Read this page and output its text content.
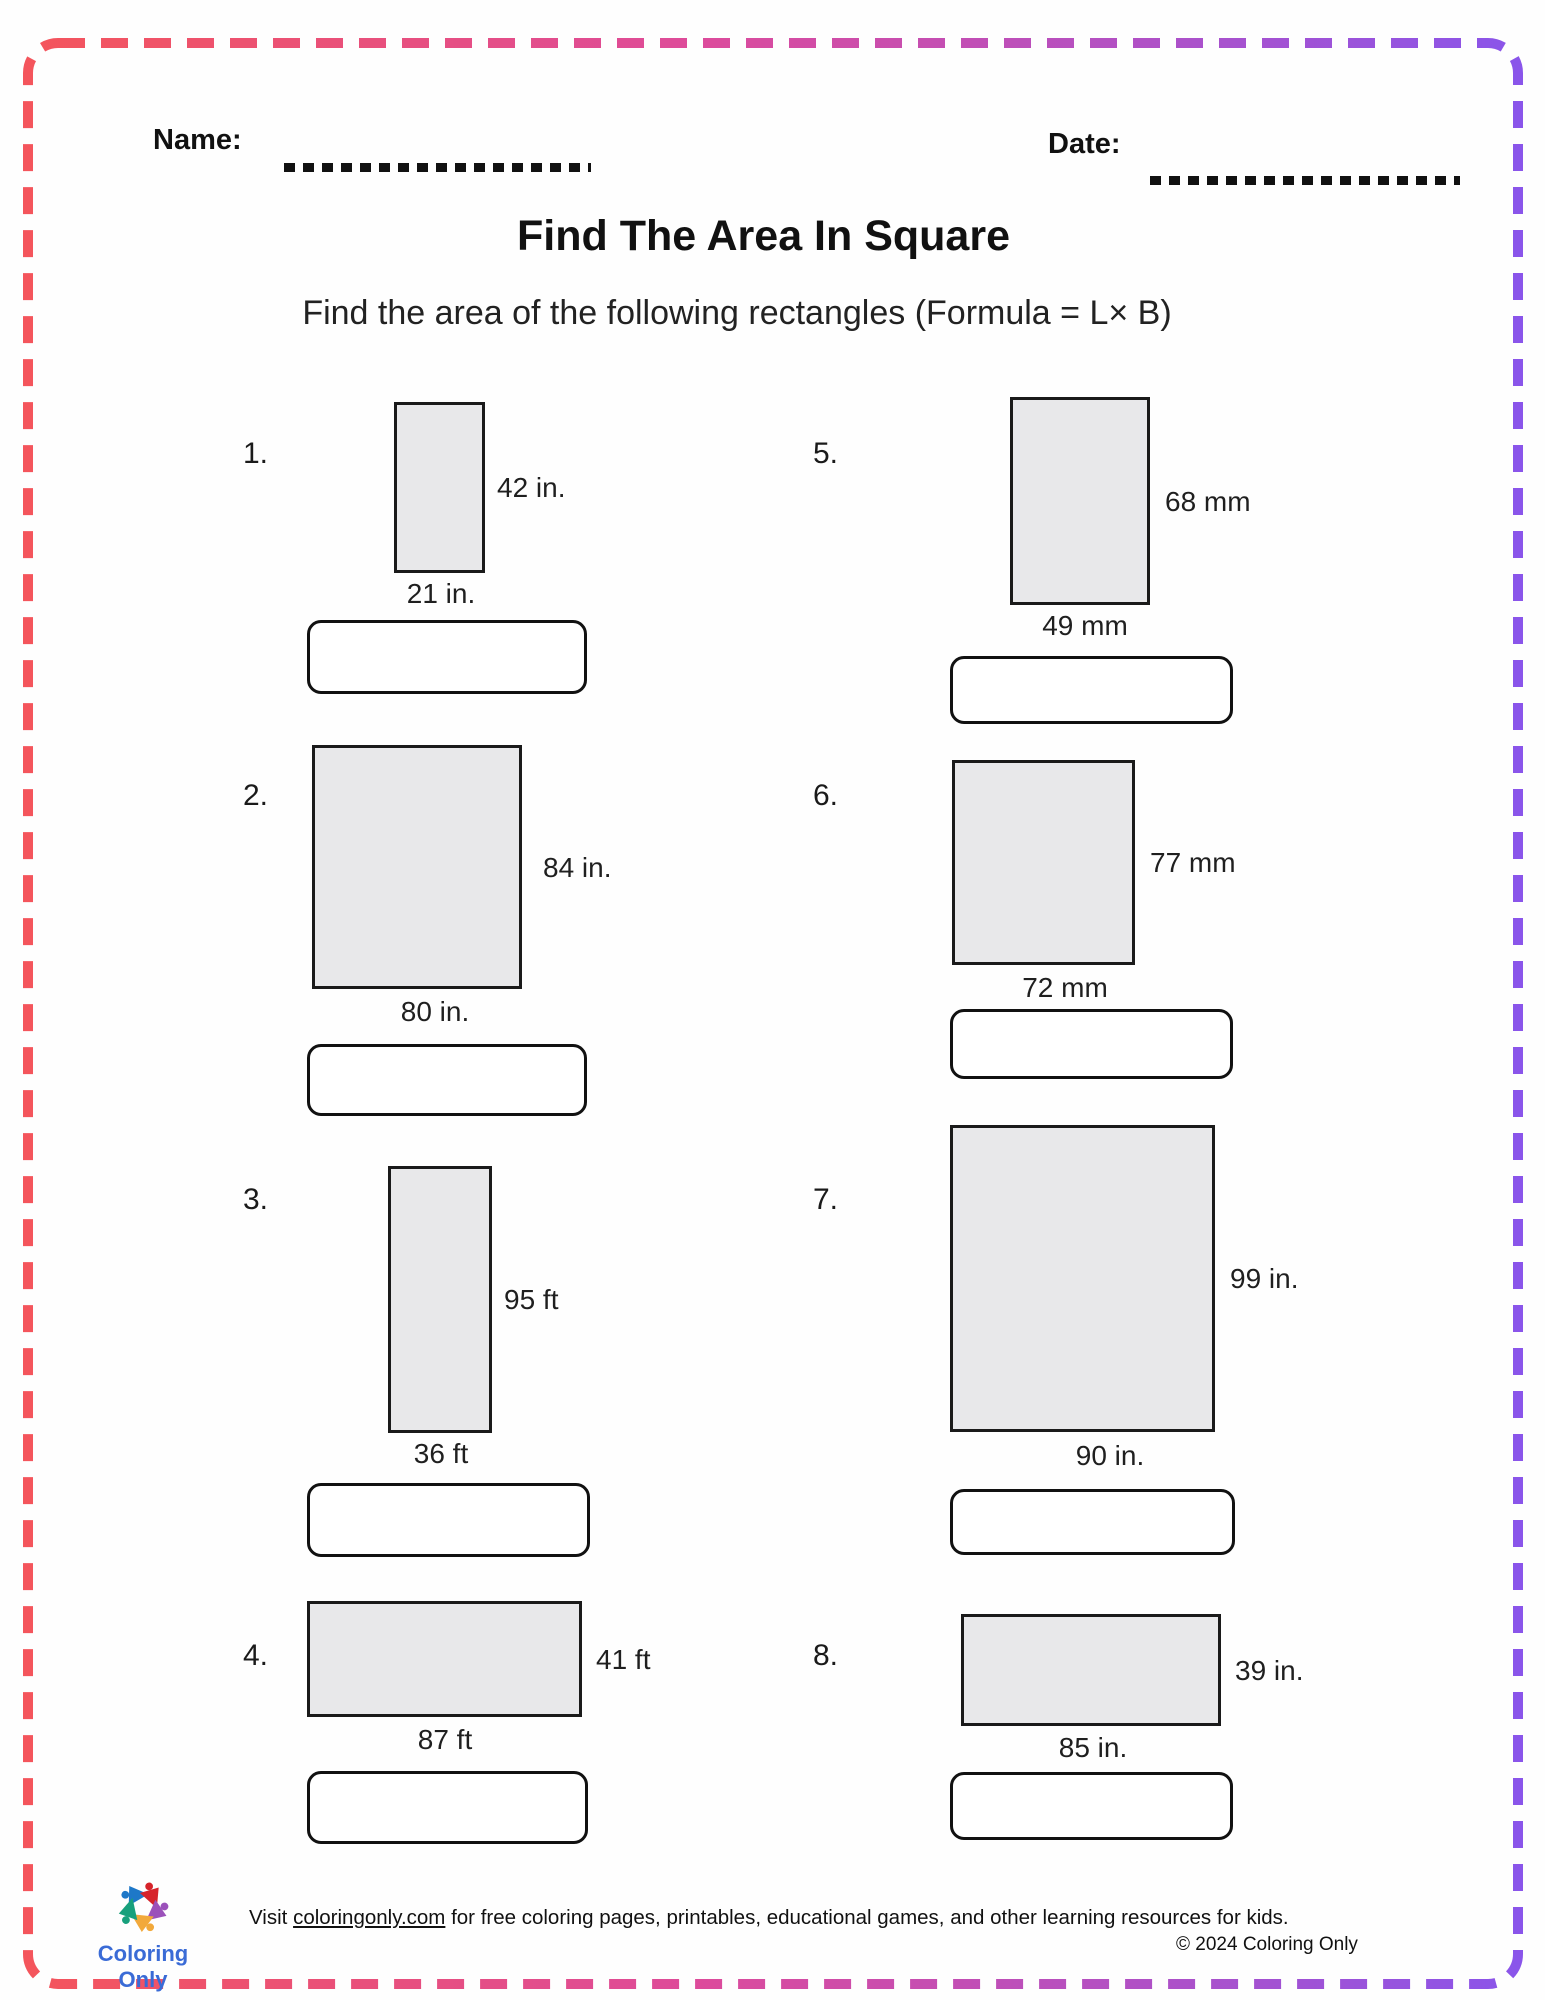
Name:	Date:
Find The Area In Square
Find the area of the following rectangles (Formula = L× B)
1.
42 in.
21 in.
2.
84 in.
80 in.
3.
95 ft
36 ft
4.	41 ft
87 ft
5.
68 mm
49 mm
6.
77 mm
72 mm
7.
99 in.
90 in.
8.	39 in.
85 in.
Coloring Only
Visit coloringonly.com for free coloring pages, printables, educational games, and other learning resources for kids.
© 2024 Coloring Only
